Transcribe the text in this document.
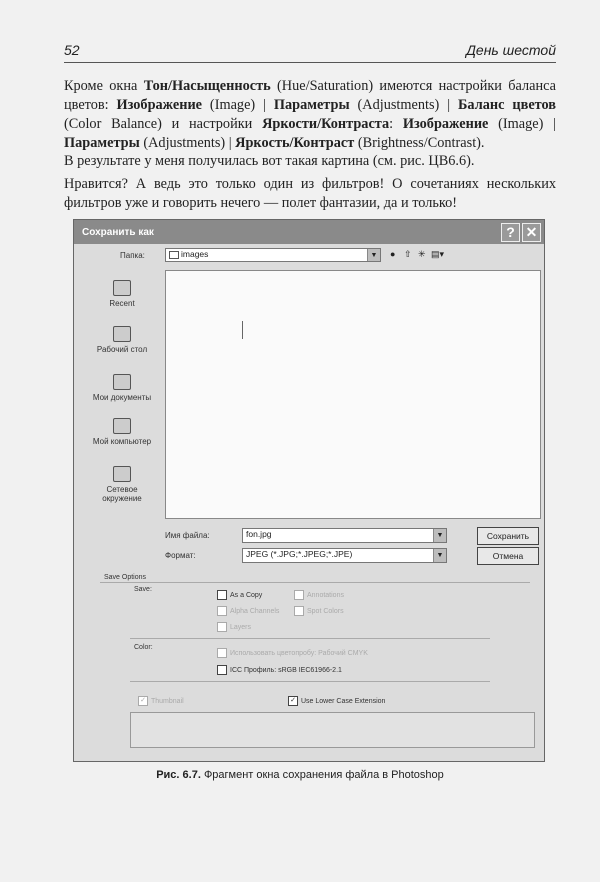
52	День шестой
Кроме окна Тон/Насыщенность (Hue/Saturation) имеются настройки баланса цветов: Изображение (Image) | Параметры (Adjustments) | Баланс цветов (Color Balance) и настройки Яркости/Контраста: Изображение (Image) | Параметры (Adjustments) | Яркость/Контраст (Brightness/Contrast).
В результате у меня получилась вот такая картина (см. рис. ЦВ6.6).
Нравится? А ведь это только один из фильтров! О сочетаниях нескольких фильтров уже и говорить нечего — полет фантазии, да и только!
Сохранить как	? ✕
Папка:	images	▼ ● ⇧ ✳ ▤▾
Recent
Рабочий стол
Мои документы
Мой компьютер
Сетевое окружение
Имя файла:	fon.jpg	▼	Сохранить
Формат:	JPEG (*.JPG;*.JPEG;*.JPE)	▼	Отмена
Save Options
Save:
As a Copy	Annotations
Alpha Channels	Spot Colors
Layers
Color:
Использовать цветопробу: Рабочий CMYK
ICC Профиль: sRGB IEC61966-2.1
✓ Thumbnail	✓ Use Lower Case Extension
Рис. 6.7. Фрагмент окна сохранения файла в Photoshop
